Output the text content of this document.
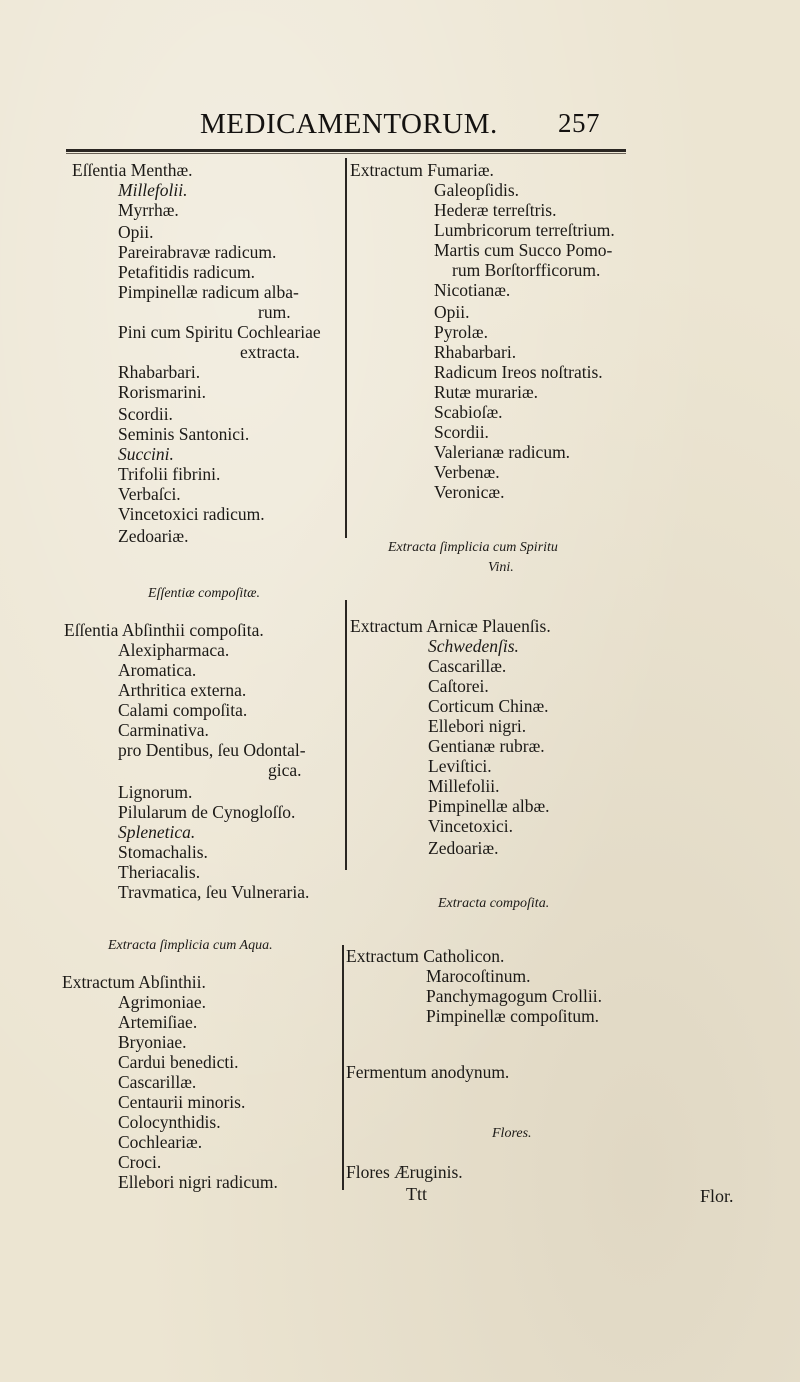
MEDICAMENTORUM. 257
Eſſentia Menthæ.
Millefolii.
Myrrhæ.
Opii.
Pareirabravæ radicum.
Petafitidis radicum.
Pimpinellæ radicum alba-
rum.
Pini cum Spiritu Cochleariae
extracta.
Rhabarbari.
Rorismarini.
Scordii.
Seminis Santonici.
Succini.
Trifolii fibrini.
Verbaſci.
Vincetoxici radicum.
Zedoariæ.
Eſſentiæ compoſitæ.
Eſſentia Abſinthii compoſita.
Alexipharmaca.
Aromatica.
Arthritica externa.
Calami compoſita.
Carminativa.
pro Dentibus, ſeu Odontal-
gica.
Lignorum.
Pilularum de Cynogloſſo.
Splenetica.
Stomachalis.
Theriacalis.
Travmatica, ſeu Vulneraria.
Extracta ſimplicia cum Aqua.
Extractum Abſinthii.
Agrimoniae.
Artemiſiae.
Bryoniae.
Cardui benedicti.
Cascarillæ.
Centaurii minoris.
Colocynthidis.
Cochleariæ.
Croci.
Ellebori nigri radicum.
Extractum Fumariæ.
Galeopſidis.
Hederæ terreſtris.
Lumbricorum terreſtrium.
Martis cum Succo Pomo-
rum Borſtorfficorum.
Nicotianæ.
Opii.
Pyrolæ.
Rhabarbari.
Radicum Ireos noſtratis.
Rutæ murariæ.
Scabioſæ.
Scordii.
Valerianæ radicum.
Verbenæ.
Veronicæ.
Extracta ſimplicia cum Spiritu
Vini.
Extractum Arnicæ Plauenſis.
Schwedenſis.
Cascarillæ.
Caſtorei.
Corticum Chinæ.
Ellebori nigri.
Gentianæ rubræ.
Leviſtici.
Millefolii.
Pimpinellæ albæ.
Vincetoxici.
Zedoariæ.
Extracta compoſita.
Extractum Catholicon.
Marocoſtinum.
Panchymagogum Crollii.
Pimpinellæ compoſitum.
Fermentum anodynum.
Flores.
Flores Æruginis.
Ttt	Flor.
